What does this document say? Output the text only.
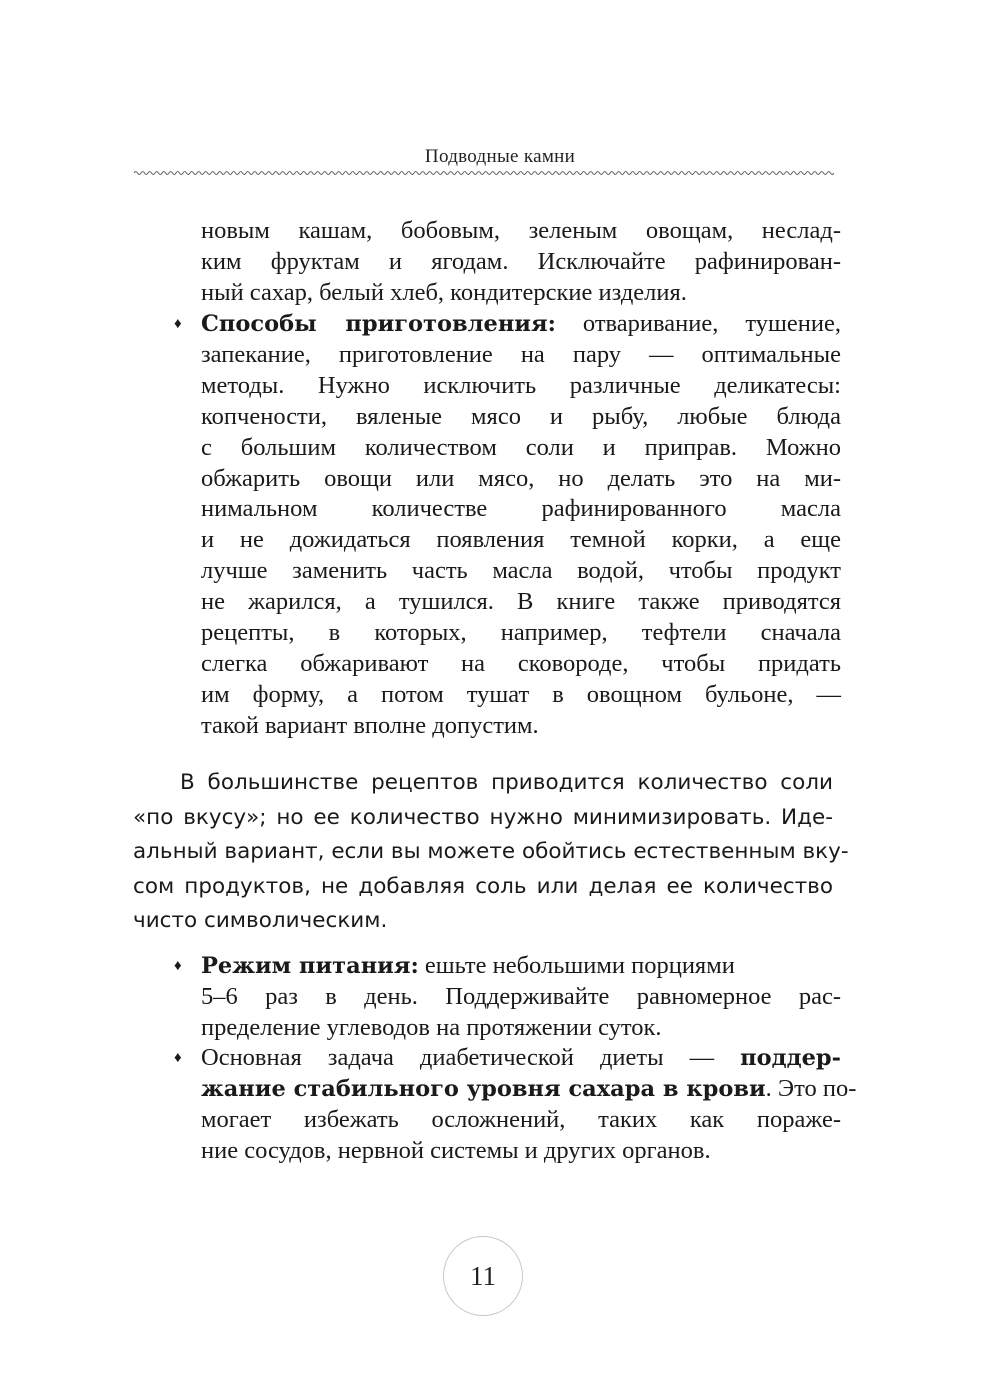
Подводные камни
новым кашам, бобовым, зеленым овощам, неслад-
ким фруктам и ягодам. Исключайте рафинирован-
ный сахар, белый хлеб, кондитерские изделия.
♦ Способы приготовления: отваривание, тушение,
запекание, приготовление на пару — оптимальные
методы. Нужно исключить различные деликатесы:
копчености, вяленые мясо и рыбу, любые блюда
с большим количеством соли и приправ. Можно
обжарить овощи или мясо, но делать это на ми-
нимальном количестве рафинированного масла
и не дожидаться появления темной корки, а еще
лучше заменить часть масла водой, чтобы продукт
не жарился, а тушился. В книге также приводятся
рецепты, в которых, например, тефтели сначала
слегка обжаривают на сковороде, чтобы придать
им форму, а потом тушат в овощном бульоне, —
такой вариант вполне допустим.
В большинстве рецептов приводится количество соли
«по вкусу»; но ее количество нужно минимизировать. Иде-
альный вариант, если вы можете обойтись естественным вку-
сом продуктов, не добавляя соль или делая ее количество
чисто символическим.
♦ Режим питания: ешьте небольшими порциями
5–6 раз в день. Поддерживайте равномерное рас-
пределение углеводов на протяжении суток.
♦ Основная задача диабетической диеты — поддер-
жание стабильного уровня сахара в крови. Это по-
могает избежать осложнений, таких как пораже-
ние сосудов, нервной системы и других органов.
11
